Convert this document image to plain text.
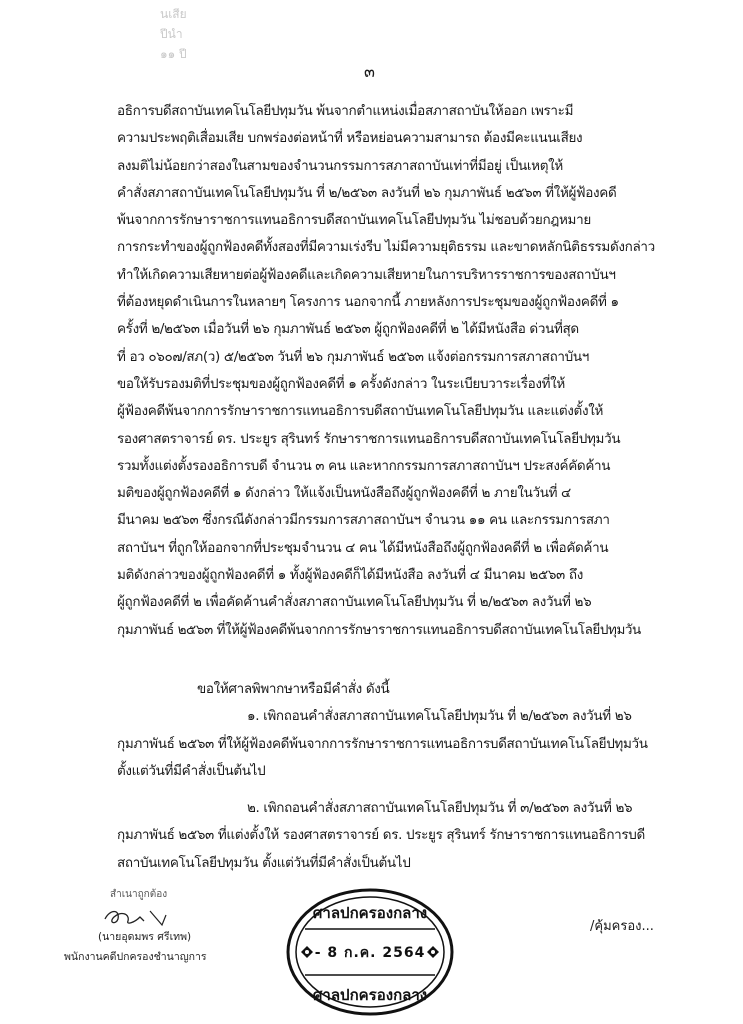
นเสีย
ปีนำ
๑๑ ปี
๓
อธิการบดีสถาบันเทคโนโลยีปทุมวัน พ้นจากตำแหน่งเมื่อสภาสถาบันให้ออก เพราะมี
ความประพฤติเสื่อมเสีย บกพร่องต่อหน้าที่ หรือหย่อนความสามารถ ต้องมีคะแนนเสียง
ลงมติไม่น้อยกว่าสองในสามของจำนวนกรรมการสภาสถาบันเท่าที่มีอยู่ เป็นเหตุให้
คำสั่งสภาสถาบันเทคโนโลยีปทุมวัน ที่ ๒/๒๕๖๓ ลงวันที่ ๒๖ กุมภาพันธ์ ๒๕๖๓ ที่ให้ผู้ฟ้องคดี
พ้นจากการรักษาราชการแทนอธิการบดีสถาบันเทคโนโลยีปทุมวัน ไม่ชอบด้วยกฎหมาย
การกระทำของผู้ถูกฟ้องคดีทั้งสองที่มีความเร่งรีบ ไม่มีความยุติธรรม และขาดหลักนิติธรรมดังกล่าว
ทำให้เกิดความเสียหายต่อผู้ฟ้องคดีและเกิดความเสียหายในการบริหารราชการของสถาบันฯ
ที่ต้องหยุดดำเนินการในหลายๆ โครงการ นอกจากนี้ ภายหลังการประชุมของผู้ถูกฟ้องคดีที่ ๑
ครั้งที่ ๒/๒๕๖๓ เมื่อวันที่ ๒๖ กุมภาพันธ์ ๒๕๖๓ ผู้ถูกฟ้องคดีที่ ๒ ได้มีหนังสือ ด่วนที่สุด
ที่ อว ๐๖๐๗/สภ(ว) ๕/๒๕๖๓ วันที่ ๒๖ กุมภาพันธ์ ๒๕๖๓ แจ้งต่อกรรมการสภาสถาบันฯ
ขอให้รับรองมติที่ประชุมของผู้ถูกฟ้องคดีที่ ๑ ครั้งดังกล่าว ในระเบียบวาระเรื่องที่ให้
ผู้ฟ้องคดีพ้นจากการรักษาราชการแทนอธิการบดีสถาบันเทคโนโลยีปทุมวัน และแต่งตั้งให้
รองศาสตราจารย์ ดร. ประยูร สุรินทร์ รักษาราชการแทนอธิการบดีสถาบันเทคโนโลยีปทุมวัน
รวมทั้งแต่งตั้งรองอธิการบดี จำนวน ๓ คน และหากกรรมการสภาสถาบันฯ ประสงค์คัดค้าน
มติของผู้ถูกฟ้องคดีที่ ๑ ดังกล่าว ให้แจ้งเป็นหนังสือถึงผู้ถูกฟ้องคดีที่ ๒ ภายในวันที่ ๔
มีนาคม ๒๕๖๓ ซึ่งกรณีดังกล่าวมีกรรมการสภาสถาบันฯ จำนวน ๑๑ คน และกรรมการสภา
สถาบันฯ ที่ถูกให้ออกจากที่ประชุมจำนวน ๔ คน ได้มีหนังสือถึงผู้ถูกฟ้องคดีที่ ๒ เพื่อคัดค้าน
มติดังกล่าวของผู้ถูกฟ้องคดีที่ ๑ ทั้งผู้ฟ้องคดีก็ได้มีหนังสือ ลงวันที่ ๔ มีนาคม ๒๕๖๓ ถึง
ผู้ถูกฟ้องคดีที่ ๒ เพื่อคัดค้านคำสั่งสภาสถาบันเทคโนโลยีปทุมวัน ที่ ๒/๒๕๖๓ ลงวันที่ ๒๖
กุมภาพันธ์ ๒๕๖๓ ที่ให้ผู้ฟ้องคดีพ้นจากการรักษาราชการแทนอธิการบดีสถาบันเทคโนโลยีปทุมวัน
ขอให้ศาลพิพากษาหรือมีคำสั่ง ดังนี้
๑. เพิกถอนคำสั่งสภาสถาบันเทคโนโลยีปทุมวัน ที่ ๒/๒๕๖๓ ลงวันที่ ๒๖
กุมภาพันธ์ ๒๕๖๓ ที่ให้ผู้ฟ้องคดีพ้นจากการรักษาราชการแทนอธิการบดีสถาบันเทคโนโลยีปทุมวัน
ตั้งแต่วันที่มีคำสั่งเป็นต้นไป
๒. เพิกถอนคำสั่งสภาสถาบันเทคโนโลยีปทุมวัน ที่ ๓/๒๕๖๓ ลงวันที่ ๒๖
กุมภาพันธ์ ๒๕๖๓ ที่แต่งตั้งให้ รองศาสตราจารย์ ดร. ประยูร สุรินทร์ รักษาราชการแทนอธิการบดี
สถาบันเทคโนโลยีปทุมวัน ตั้งแต่วันที่มีคำสั่งเป็นต้นไป
สำเนาถูกต้อง
(นายอุดมพร ศรีเทพ)
พนักงานคดีปกครองชำนาญการ
ศาลปกครองกลาง
- 8 ก.ค. 2564
ศาลปกครองกลาง
/คุ้มครอง...
